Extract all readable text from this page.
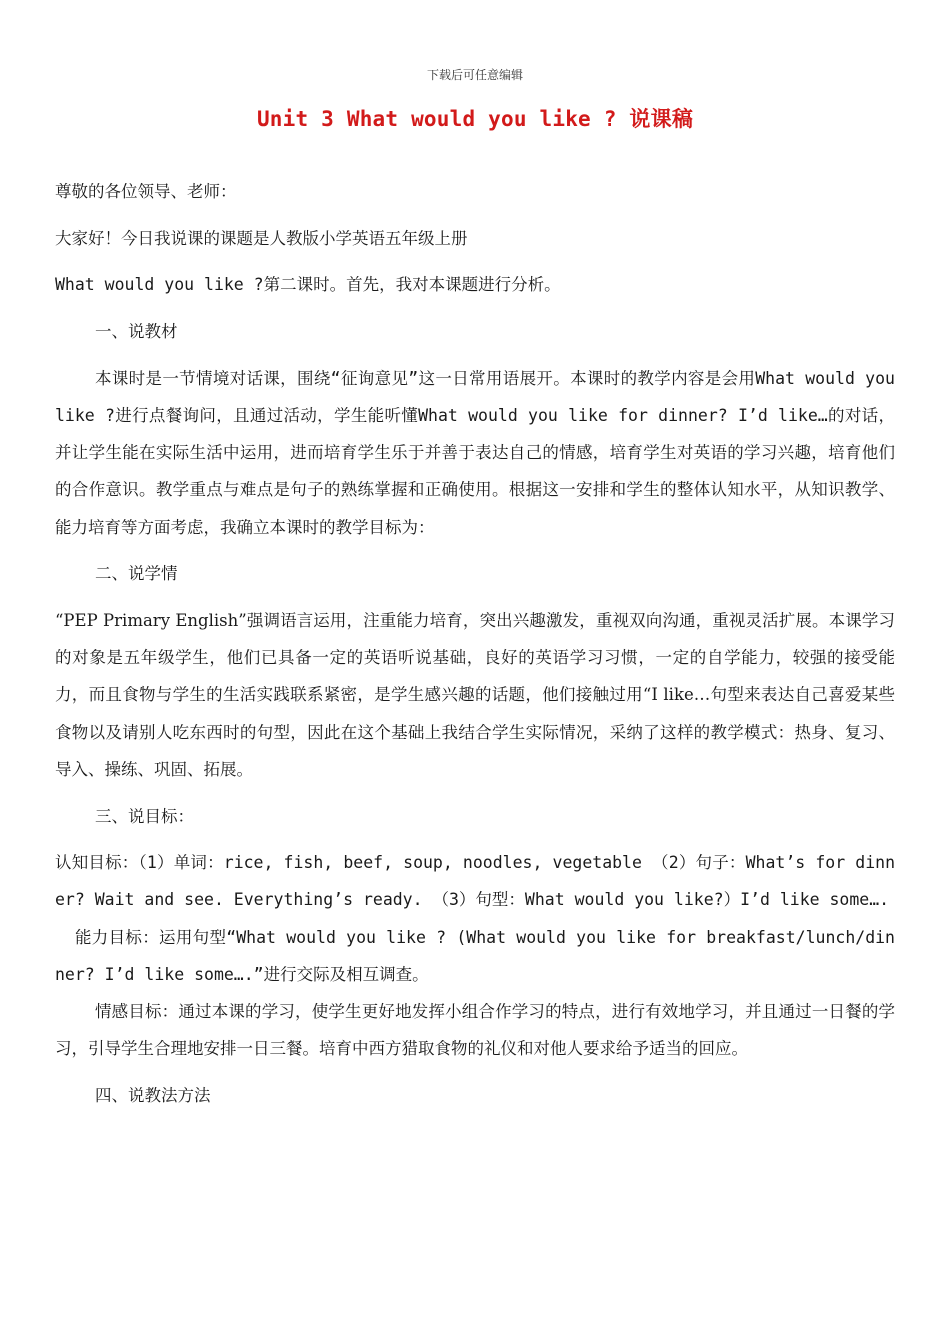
下载后可任意编辑
Unit 3 What would you like ? 说课稿

尊敬的各位领导、老师：

大家好！今日我说课的课题是人教版小学英语五年级上册

What would you like ?第二课时。首先，我对本课题进行分析。

一、说教材

本课时是一节情境对话课，围绕“征询意见”这一日常用语展开。本课时的教学内容是会用What would you like ?进行点餐询问，且通过活动，学生能听懂What would you like for dinner? I’d like…的对话，并让学生能在实际生活中运用，进而培育学生乐于并善于表达自己的情感，培育学生对英语的学习兴趣，培育他们的合作意识。教学重点与难点是句子的熟练掌握和正确使用。根据这一安排和学生的整体认知水平，从知识教学、能力培育等方面考虑，我确立本课时的教学目标为：

二、说学情

“PEP Primary English”强调语言运用，注重能力培育，突出兴趣激发，重视双向沟通，重视灵活扩展。本课学习的对象是五年级学生，他们已具备一定的英语听说基础，良好的英语学习习惯，一定的自学能力，较强的接受能力，而且食物与学生的生活实践联系紧密，是学生感兴趣的话题，他们接触过用“I like…句型来表达自己喜爱某些食物以及请别人吃东西时的句型，因此在这个基础上我结合学生实际情况，采纳了这样的教学模式：热身、复习、导入、操练、巩固、拓展。

三、说目标：

认知目标：（1）单词：rice, fish, beef, soup, noodles, vegetable （2）句子：What’s for dinner? Wait and see. Everything’s ready. （3）句型：What would you like?）I’d like some….

能力目标：运用句型“What would you like ? (What would you like for breakfast/lunch/dinner? I’d like some….”进行交际及相互调查。

情感目标：通过本课的学习，使学生更好地发挥小组合作学习的特点，进行有效地学习，并且通过一日餐的学习，引导学生合理地安排一日三餐。培育中西方猎取食物的礼仪和对他人要求给予适当的回应。

四、说教法方法
